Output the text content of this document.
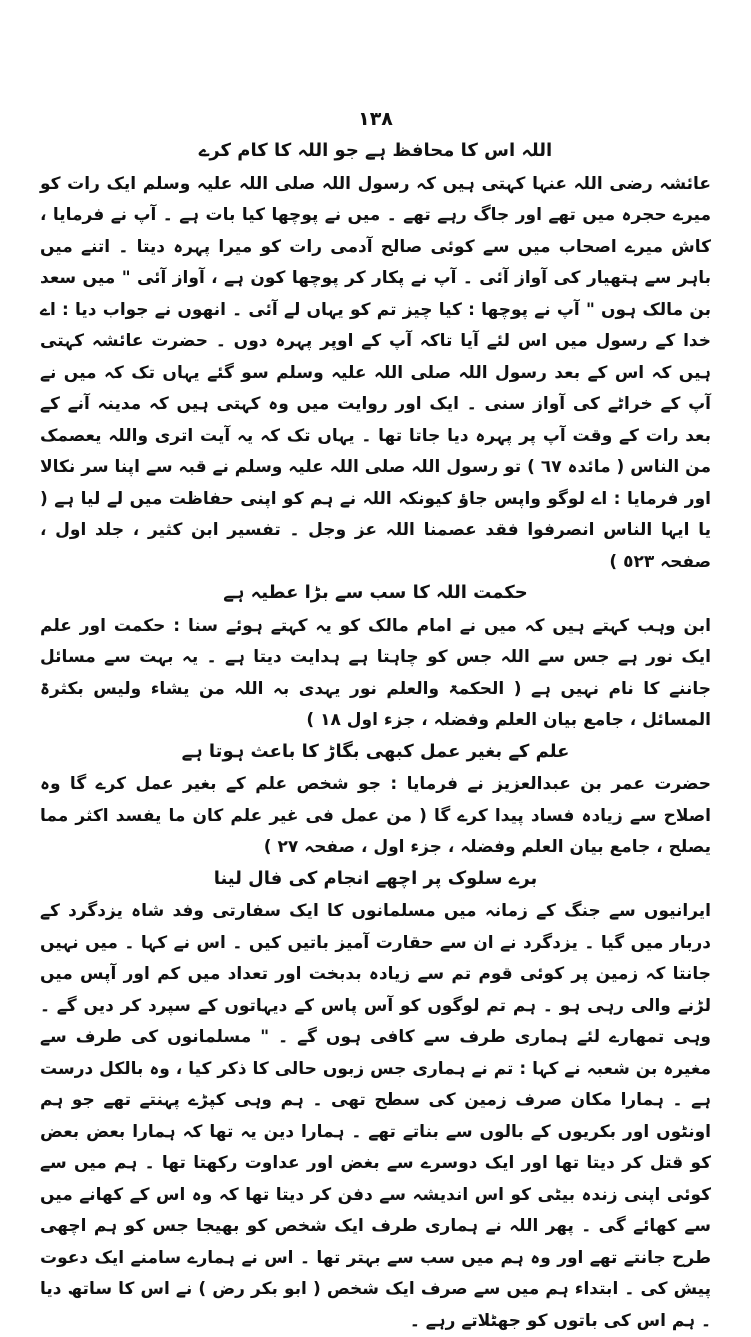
١٣٨
اللہ اس کا محافظ ہے جو اللہ کا کام کرے

عائشہ رضی اللہ عنہا کہتی ہیں کہ رسول اللہ صلی اللہ علیہ وسلم ایک رات کو میرے حجرہ میں تھے اور جاگ رہے تھے ۔ میں نے پوچھا کیا بات ہے ۔ آپ نے فرمایا ، کاش میرے اصحاب میں سے کوئی صالح آدمی رات کو میرا پہرہ دیتا ۔ اتنے میں باہر سے ہتھیار کی آواز آئی ۔ آپ نے پکار کر پوچھا کون ہے ، آواز آئی " میں سعد بن مالک ہوں " آپ نے پوچھا : کیا چیز تم کو یہاں لے آئی ۔ انھوں نے جواب دیا : اے خدا کے رسول میں اس لئے آیا تاکہ آپ کے اوپر پہرہ دوں ۔ حضرت عائشہ کہتی ہیں کہ اس کے بعد رسول اللہ صلی اللہ علیہ وسلم سو گئے یہاں تک کہ میں نے آپ کے خراٹے کی آواز سنی ۔ ایک اور روایت میں وہ کہتی ہیں کہ مدینہ آنے کے بعد رات کے وقت آپ پر پہرہ دیا جاتا تھا ۔ یہاں تک کہ یہ آیت اتری واللہ یعصمک من الناس ( مائدہ ٦٧ ) تو رسول اللہ صلی اللہ علیہ وسلم نے قبہ سے اپنا سر نکالا اور فرمایا : اے لوگو واپس جاؤ کیونکہ اللہ نے ہم کو اپنی حفاظت میں لے لیا ہے ( یا ایہا الناس انصرفوا فقد عصمنا اللہ عز وجل ۔ تفسیر ابن کثیر ، جلد اول ، صفحہ ٥٢٣ )

حکمت اللہ کا سب سے بڑا عطیہ ہے

ابن وہب کہتے ہیں کہ میں نے امام مالک کو یہ کہتے ہوئے سنا : حکمت اور علم ایک نور ہے جس سے اللہ جس کو چاہتا ہے ہدایت دیتا ہے ۔ یہ بہت سے مسائل جاننے کا نام نہیں ہے ( الحکمۃ والعلم نور یہدی بہ اللہ من یشاء ولیس بکثرۃ المسائل ، جامع بیان العلم وفضلہ ، جزء اول ١٨ )

علم کے بغیر عمل کبھی بگاڑ کا باعث ہوتا ہے

حضرت عمر بن عبدالعزیز نے فرمایا : جو شخص علم کے بغیر عمل کرے گا وہ اصلاح سے زیادہ فساد پیدا کرے گا ( من عمل فی غیر علم کان ما یفسد اکثر مما یصلح ، جامع بیان العلم وفضلہ ، جزء اول ، صفحہ ٢٧ )

برے سلوک پر اچھے انجام کی فال لینا

ایرانیوں سے جنگ کے زمانہ میں مسلمانوں کا ایک سفارتی وفد شاہ یزدگرد کے دربار میں گیا ۔ یزدگرد نے ان سے حقارت آمیز باتیں کیں ۔ اس نے کہا ۔ میں نہیں جانتا کہ زمین پر کوئی قوم تم سے زیادہ بدبخت اور تعداد میں کم اور آپس میں لڑنے والی رہی ہو ۔ ہم تم لوگوں کو آس پاس کے دیہاتوں کے سپرد کر دیں گے ۔ وہی تمھارے لئے ہماری طرف سے کافی ہوں گے ۔ " مسلمانوں کی طرف سے مغیرہ بن شعبہ نے کہا : تم نے ہماری جس زبوں حالی کا ذکر کیا ، وہ بالکل درست ہے ۔ ہمارا مکان صرف زمین کی سطح تھی ۔ ہم وہی کپڑے پہنتے تھے جو ہم اونٹوں اور بکریوں کے بالوں سے بناتے تھے ۔ ہمارا دین یہ تھا کہ ہمارا بعض بعض کو قتل کر دیتا تھا اور ایک دوسرے سے بغض اور عداوت رکھتا تھا ۔ ہم میں سے کوئی اپنی زندہ بیٹی کو اس اندیشہ سے دفن کر دیتا تھا کہ وہ اس کے کھانے میں سے کھائے گی ۔ پھر اللہ نے ہماری طرف ایک شخص کو بھیجا جس کو ہم اچھی طرح جانتے تھے اور وہ ہم میں سب سے بہتر تھا ۔ اس نے ہمارے سامنے ایک دعوت پیش کی ۔ ابتداء ہم میں سے صرف ایک شخص ( ابو بکر رض ) نے اس کا ساتھ دیا ۔ ہم اس کی باتوں کو جھٹلاتے رہے ۔
